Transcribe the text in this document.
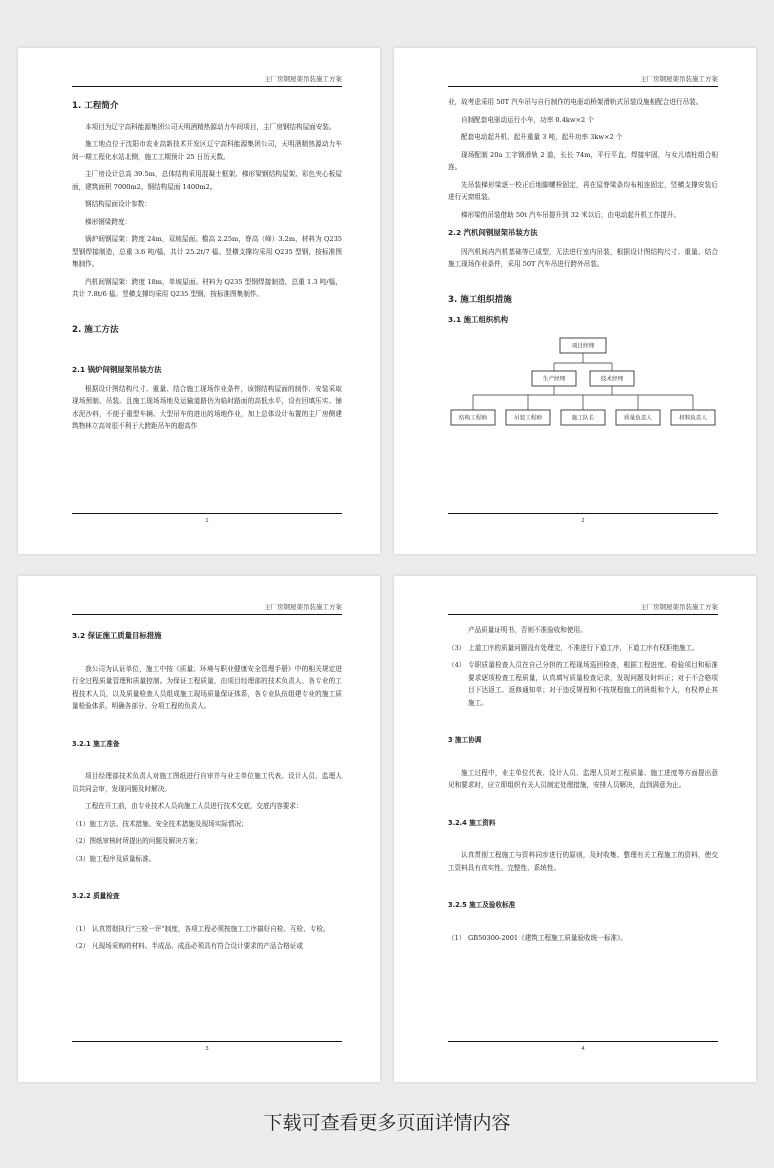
主厂房钢屋架吊装施工方案
1. 工程简介

本项目为辽宁高科能源集团公司天明酒精热源动力车间项目，主厂房钢结构屋面安装。

施工地点位于沈阳市农业高新技术开发区辽宁高科能源集团公司，天明酒精热源动力车间一期工程化水站北侧，施工工期预计 25 日历天数。

主厂房设计总高 39.5m，总体结构采用混凝土框架、梯形梁钢结构屋架、彩色夹心板屋面，建筑面积 7000m2，钢结构屋面 1400m2。

钢结构屋面设计参数：

梯形钢梁跨度：

锅炉间钢屋架：跨度 24m，双坡屋面。檐高 2.25m，脊高（峰）3.2m，材料为 Q235 型钢焊接制造，总重 3.6 吨/榀，共计 25.2t/7 榀。竖横支撑均采用 Q235 型钢，按标准图集制作。

汽机间钢屋架：跨度 18m，单坡屋面。材料为 Q235 型钢焊接制造，总重 1.3 吨/榀，共计 7.8t/6 榀。竖横支撑均采用 Q235 型钢，按标准图集制作。

2. 施工方法
2.1 锅炉间钢屋架吊装方法

根据设计图结构尺寸、重量、结合施工现场作业条件，该钢结构屋面的制作、安装采取现场预制、吊装。且施工现场场地及运输道路仍为临时路面的高低水平，设有回填压实、铺水泥沙料，不便于重型车辆、大型吊车的进出的场地作业，加上总体设计布置的主厂房侧建筑物林立高耸很不利于大跨距吊车的超高作

1
主厂房钢屋架吊装施工方案

业，故考虑采用 50T 汽车吊与自行制作的电驱动桥架滑轨式吊装设施相配合进行吊装。

自制配套电驱动运行小车，功率 0.4kw×2 个

配套电动起升机、起升重量 3 吨，起升功率 3kw×2 个

现场配制 20a 工字钢滑轨 2 道，长长 74m，平行平直，焊接牢固，与女儿墙柱组合相连。

先吊装梯形梁逐一校正后地脚螺栓固定，再在屋脊梁条均布相连固定，竖横支撑安装后进行天窗组装。

梯形梁的吊装借助 50t 汽车吊提升到 32 米以后，由电动起升机工作提升。

2.2 汽机间钢屋架吊装方法

因汽机间内汽机基础等已成型，无法进行室内吊装，根据设计图结构尺寸、重量、结合施工现场作业条件，采用 50T 汽车吊进行跨外吊装。

3. 施工组织措施
3.1 施工组织机构
项目经理
生产经理	技术经理
结构工程师	吊装工程师	施工队长	质量负责人	材料负责人
2
主厂房钢屋架吊装施工方案
3.2 保证施工质量目标措施

我公司为认证单位，施工中按《质量、环境与职业健康安全管理手册》中的相关规定进行全过程质量管理和质量控制。为保证工程质量，由项目经理部的技术负责人、各专业的工程技术人员，以及质量检查人员组成施工现场质量保证体系，各专业队伍组建专业的施工质量检验体系，明确各部分、分项工程的负责人。

3.2.1 施工准备

项目经理部技术负责人对施工图纸进行自审并与业主单位施工代表、设计人员、监理人员共同会审，发现问题及时解决。

工程在开工前，由专业技术人员向施工人员进行技术交底，交底内容要求：

（1）施工方法、技术措施、安全技术措施及现场实际情况；

（2）图纸审核时所提出的问题及解决方案；

（3）施工程序及质量标准。

3.2.2 质量检查
（1） 认真贯彻执行“三检一评”制度，各项工程必须按施工工序搞好自检、互检、专检。
（2） 凡现场采购的材料、半成品、成品必须具有符合设计要求的产品合格证或
3
主厂房钢屋架吊装施工方案

产品质量证明书，否则不准验收和使用。

（3） 上道工序的质量问题没有处理完，不准进行下道工序，下道工序有权拒绝施工。
（4） 专职质量检查人员在自己分担的工程现场巡回检查，根据工程进度、检验项目和标准要求逐项检查工程质量，认真填写质量检查记录，发现问题及时纠正；对于不合格项目下达返工、返修通知单；对于违反规程和不按规程施工的班组和个人，有权停止其施工。
3 施工协调

施工过程中，业主单位代表、设计人员、监理人员对工程质量、施工进度等方面提出意见和要求时，应立即组织有关人员制定处理措施，安排人员解决，直到满意为止。

3.2.4 施工资料

认真贯彻工程施工与资料同步进行的原则，及时收集、整理有关工程施工的资料，使交工资料具有真实性、完整性、系统性。

3.2.5 施工及验收标准
（1） GB50300-2001《建筑工程施工质量验收统一标准》。
4
下载可查看更多页面详情内容
